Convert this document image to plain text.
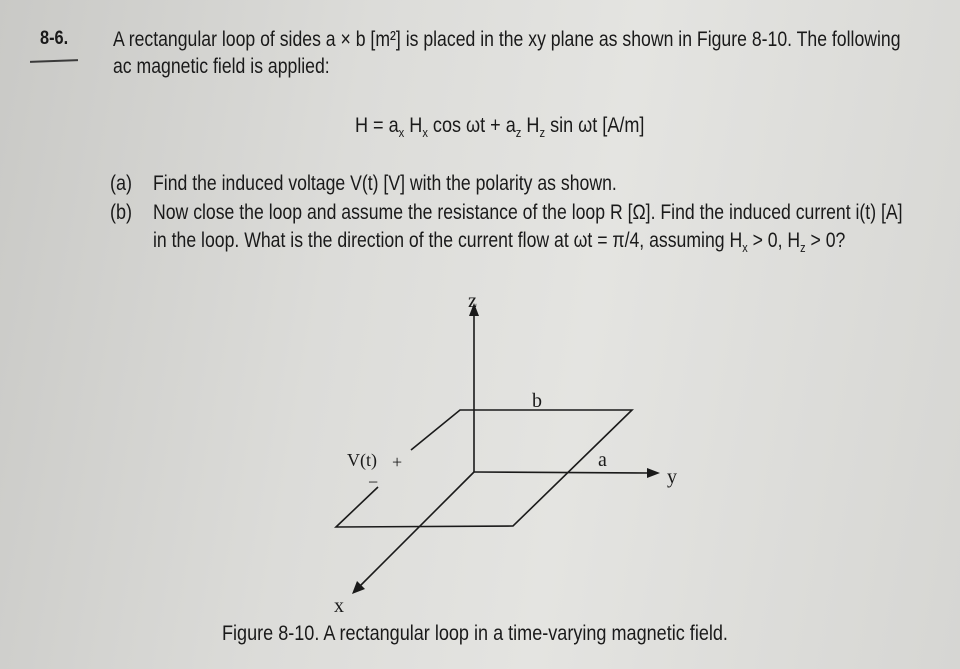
8-6. A rectangular loop of sides a × b [m²] is placed in the xy plane as shown in Figure 8-10. The following
ac magnetic field is applied:
$H = a_x$ $H_x$ $\cos \omega t + a_z$ $H_z$ sin ωt [A/m]
(a) Find the induced voltage V(t) [V] with the polarity as shown.
(b) Now close the loop and assume the resistance of the loop R [Ω]. Find the induced current i(t) [A]
in the loop. What is the direction of the current flow at ωt = π/4, assuming $H_x > 0$, $H_z > 0$?
z
y
x
b
a
V(t) +
−
Figure 8-10. A rectangular loop in a time-varying magnetic field.
